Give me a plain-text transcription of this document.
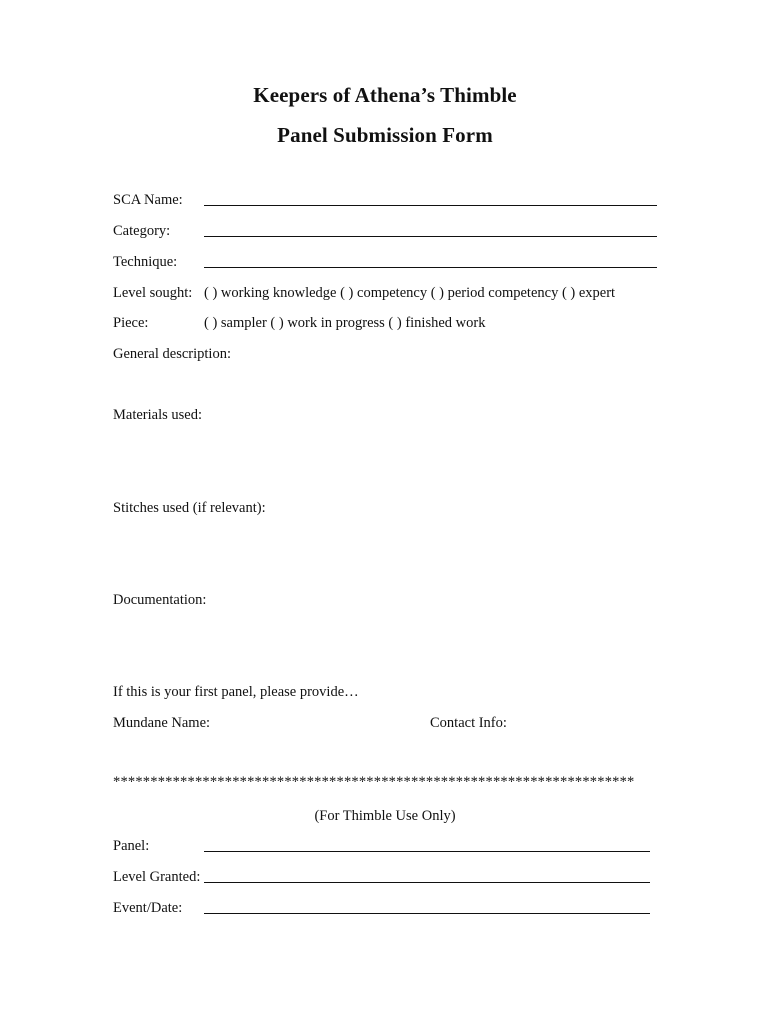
Keepers of Athena’s Thimble
Panel Submission Form
SCA Name:
Category:
Technique:
Level sought: ( ) working knowledge ( ) competency ( ) period competency ( ) expert
Piece:	( ) sampler ( ) work in progress ( ) finished work
General description:
Materials used:
Stitches used (if relevant):
Documentation:
If this is your first panel, please provide…
Mundane Name:	Contact Info:
**********************************************************************
(For Thimble Use Only)
Panel:
Level Granted:
Event/Date:
